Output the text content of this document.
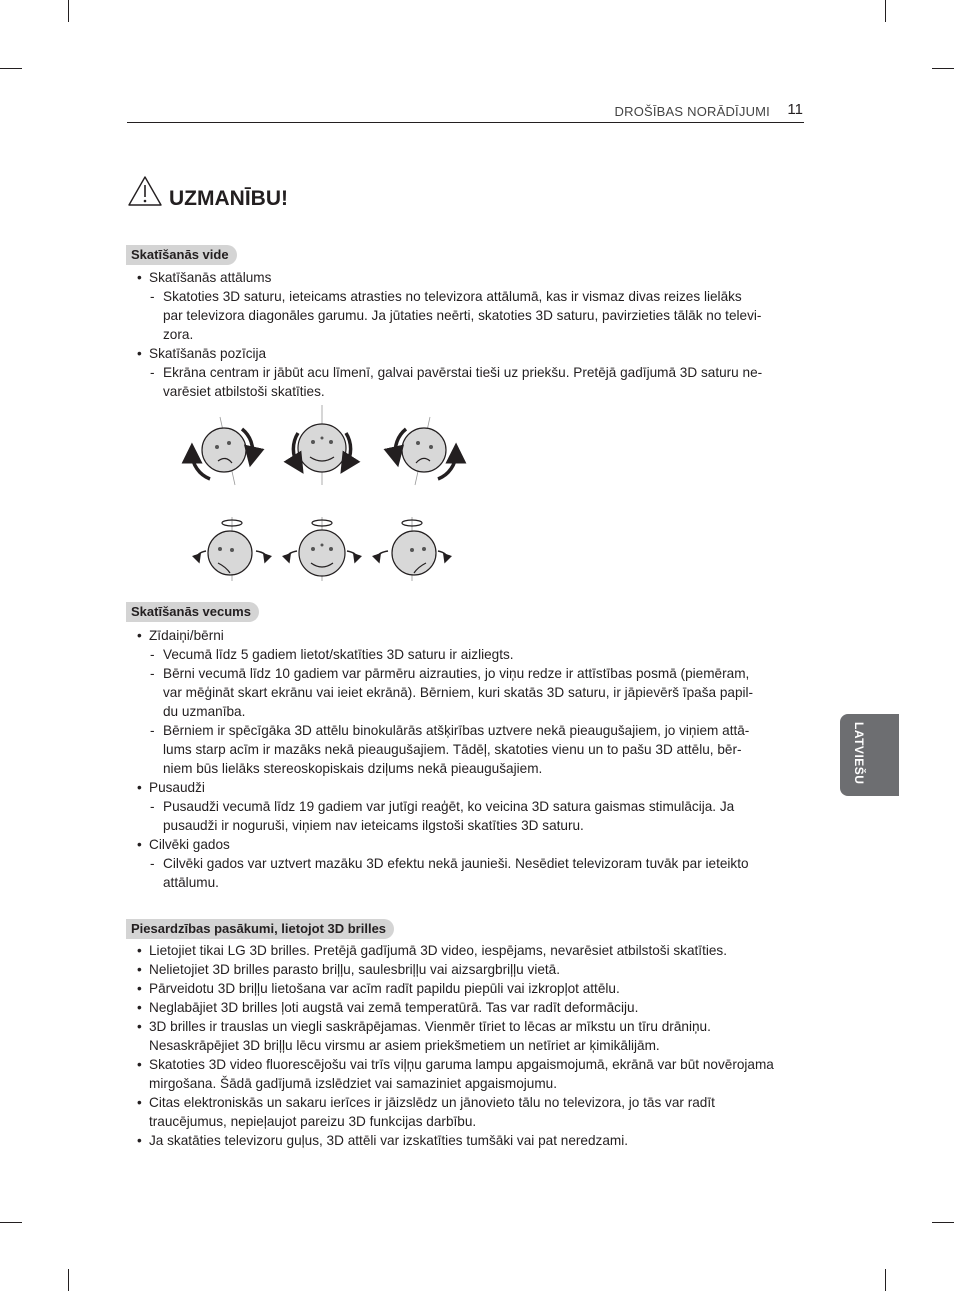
DROŠĪBAS NORĀDĪJUMI 11
UZMANĪBU!
Skatīšanās vide
Skatīšanās attālums
Skatoties 3D saturu, ieteicams atrasties no televizora attālumā, kas ir vismaz divas reizes lielāks
par televizora diagonāles garumu. Ja jūtaties neērti, skatoties 3D saturu, pavirzieties tālāk no televi-
zora.
Skatīšanās pozīcija
Ekrāna centram ir jābūt acu līmenī, galvai pavērstai tieši uz priekšu. Pretējā gadījumā 3D saturu ne-
varēsiet atbilstoši skatīties.
Skatīšanās vecums
Zīdaiņi/bērni
Vecumā līdz 5 gadiem lietot/skatīties 3D saturu ir aizliegts.
Bērni vecumā līdz 10 gadiem var pārmēru aizrauties, jo viņu redze ir attīstības posmā (piemēram,
var mēģināt skart ekrānu vai ieiet ekrānā). Bērniem, kuri skatās 3D saturu, ir jāpievērš īpaša papil-
du uzmanība.
Bērniem ir spēcīgāka 3D attēlu binokulārās atšķirības uztvere nekā pieaugušajiem, jo viņiem attā-
lums starp acīm ir mazāks nekā pieaugušajiem. Tādēļ, skatoties vienu un to pašu 3D attēlu, bēr-
niem būs lielāks stereoskopiskais dziļums nekā pieaugušajiem.
Pusaudži
Pusaudži vecumā līdz 19 gadiem var jutīgi reaģēt, ko veicina 3D satura gaismas stimulācija. Ja
pusaudži ir noguruši, viņiem nav ieteicams ilgstoši skatīties 3D saturu.
Cilvēki gados
Cilvēki gados var uztvert mazāku 3D efektu nekā jaunieši. Nesēdiet televizoram tuvāk par ieteikto
attālumu.
Piesardzības pasākumi, lietojot 3D brilles
Lietojiet tikai LG 3D brilles. Pretējā gadījumā 3D video, iespējams, nevarēsiet atbilstoši skatīties.
Nelietojiet 3D brilles parasto briļļu, saulesbriļļu vai aizsargbriļļu vietā.
Pārveidotu 3D briļļu lietošana var acīm radīt papildu piepūli vai izkropļot attēlu.
Neglabājiet 3D brilles ļoti augstā vai zemā temperatūrā. Tas var radīt deformāciju.
3D brilles ir trauslas un viegli saskrāpējamas. Vienmēr tīriet to lēcas ar mīkstu un tīru drāniņu.
Nesaskrāpējiet 3D briļļu lēcu virsmu ar asiem priekšmetiem un netīriet ar ķimikālijām.
Skatoties 3D video fluorescējošu vai trīs viļņu garuma lampu apgaismojumā, ekrānā var būt novērojama
mirgošana. Šādā gadījumā izslēdziet vai samaziniet apgaismojumu.
Citas elektroniskās un sakaru ierīces ir jāizslēdz un jānovieto tālu no televizora, jo tās var radīt
traucējumus, nepieļaujot pareizu 3D funkcijas darbību.
Ja skatāties televizoru guļus, 3D attēli var izskatīties tumšāki vai pat neredzami.
LATVIEŠU
